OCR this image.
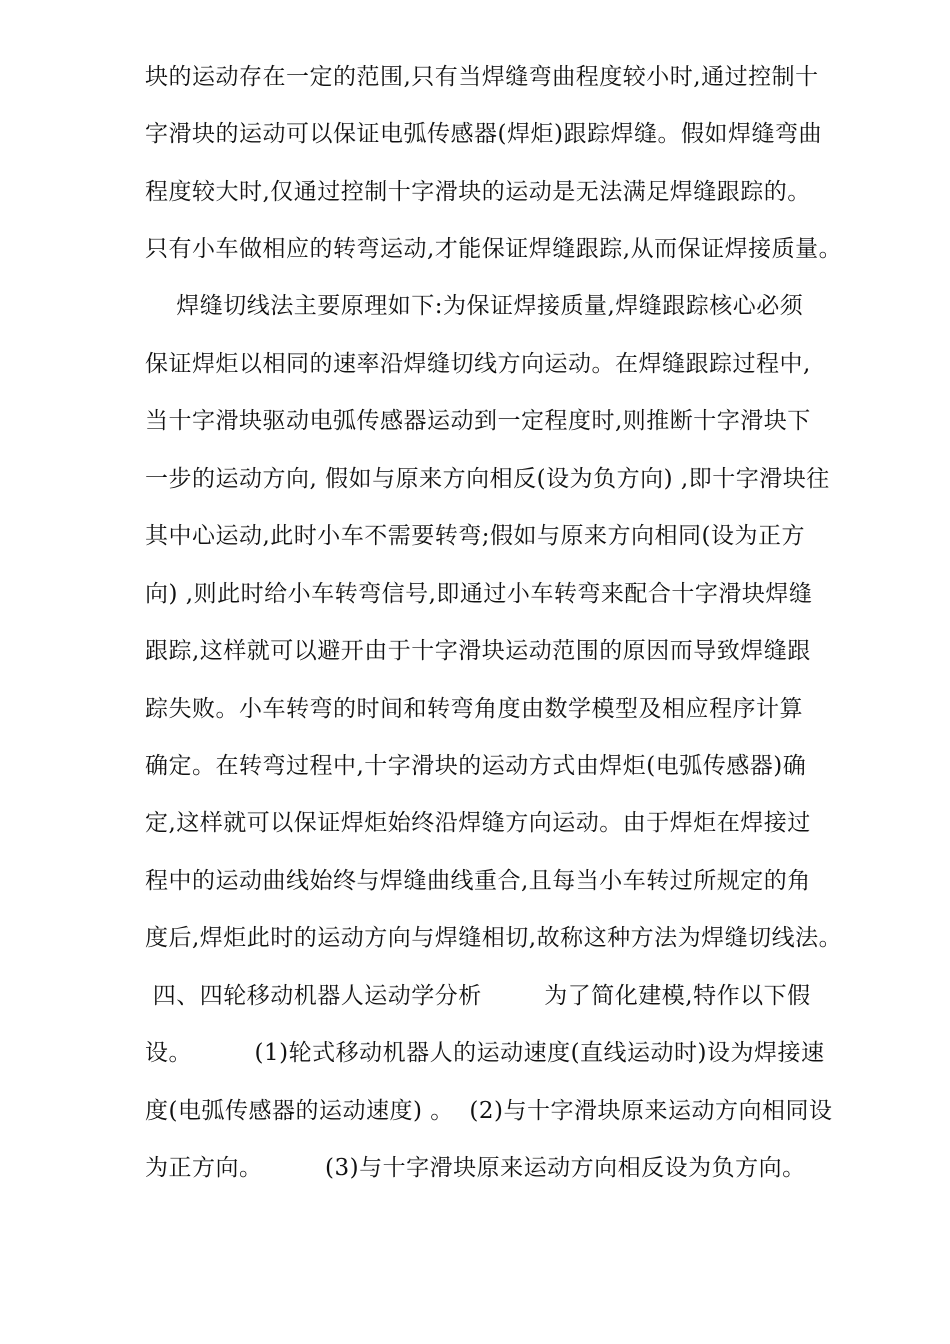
块的运动存在一定的范围,只有当焊缝弯曲程度较小时,通过控制十
字滑块的运动可以保证电弧传感器(焊炬)跟踪焊缝。假如焊缝弯曲
程度较大时,仅通过控制十字滑块的运动是无法满足焊缝跟踪的。
只有小车做相应的转弯运动,才能保证焊缝跟踪,从而保证焊接质量。
焊缝切线法主要原理如下:为保证焊接质量,焊缝跟踪核心必须
保证焊炬以相同的速率沿焊缝切线方向运动。在焊缝跟踪过程中,
当十字滑块驱动电弧传感器运动到一定程度时,则推断十字滑块下
一步的运动方向, 假如与原来方向相反(设为负方向) ,即十字滑块往
其中心运动,此时小车不需要转弯;假如与原来方向相同(设为正方
向) ,则此时给小车转弯信号,即通过小车转弯来配合十字滑块焊缝
跟踪,这样就可以避开由于十字滑块运动范围的原因而导致焊缝跟
踪失败。小车转弯的时间和转弯角度由数学模型及相应程序计算
确定。在转弯过程中,十字滑块的运动方式由焊炬(电弧传感器)确
定,这样就可以保证焊炬始终沿焊缝方向运动。由于焊炬在焊接过
程中的运动曲线始终与焊缝曲线重合,且每当小车转过所规定的角
度后,焊炬此时的运动方向与焊缝相切,故称这种方法为焊缝切线法。
四、四轮移动机器人运动学分析        为了简化建模,特作以下假
设。        (1)轮式移动机器人的运动速度(直线运动时)设为焊接速
度(电弧传感器的运动速度) 。  (2)与十字滑块原来运动方向相同设
为正方向。        (3)与十字滑块原来运动方向相反设为负方向。
